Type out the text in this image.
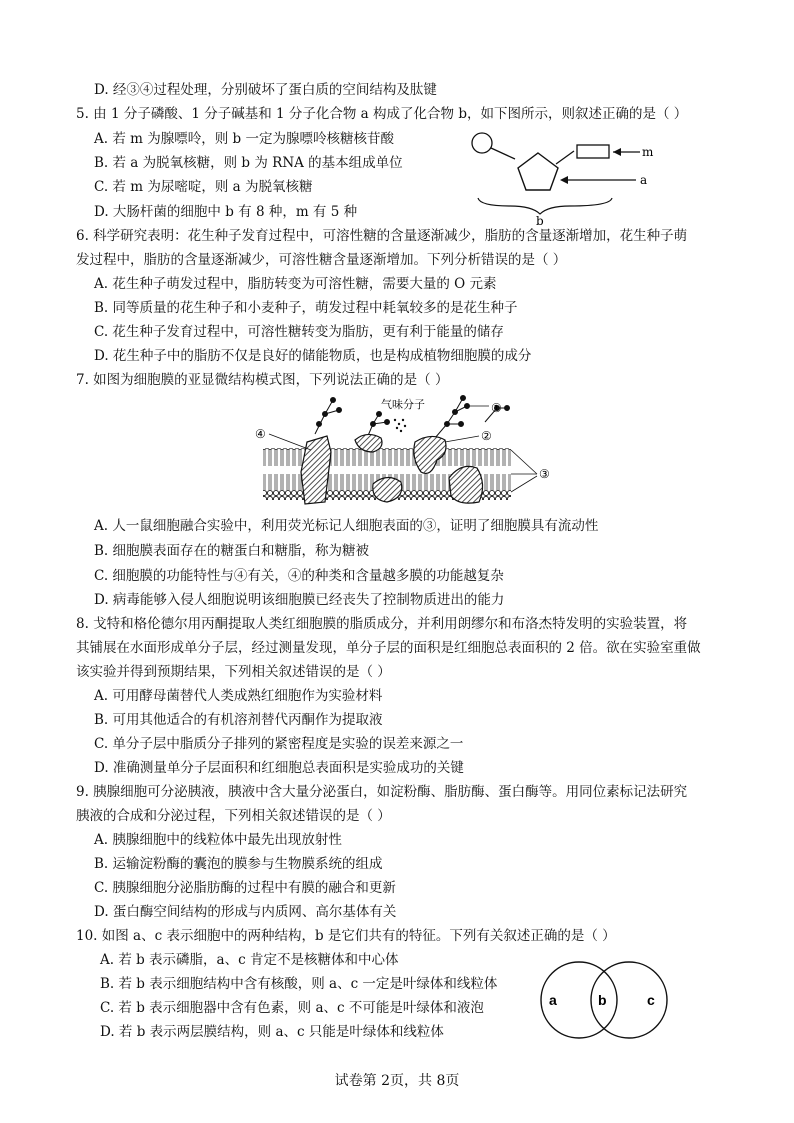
D. 经③④过程处理，分别破坏了蛋白质的空间结构及肽键
5. 由 1 分子磷酸、1 分子碱基和 1 分子化合物 a 构成了化合物 b，如下图所示，则叙述正确的是（ ）
A. 若 m 为腺嘌呤，则 b 一定为腺嘌呤核糖核苷酸
B. 若 a 为脱氧核糖，则 b 为 RNA 的基本组成单位
C. 若 m 为尿嘧啶，则 a 为脱氧核糖
D. 大肠杆菌的细胞中 b 有 8 种，m 有 5 种
m
a
b
6. 科学研究表明：花生种子发育过程中，可溶性糖的含量逐渐减少，脂肪的含量逐渐增加，花生种子萌
发过程中，脂肪的含量逐渐减少，可溶性糖含量逐渐增加。下列分析错误的是（ ）
A. 花生种子萌发过程中，脂肪转变为可溶性糖，需要大量的 O 元素
B. 同等质量的花生种子和小麦种子，萌发过程中耗氧较多的是花生种子
C. 花生种子发育过程中，可溶性糖转变为脂肪，更有利于能量的储存
D. 花生种子中的脂肪不仅是良好的储能物质，也是构成植物细胞膜的成分
7. 如图为细胞膜的亚显微结构模式图，下列说法正确的是（ ）
气味分子	①
②
④
③
A. 人一鼠细胞融合实验中，利用荧光标记人细胞表面的③，证明了细胞膜具有流动性
B. 细胞膜表面存在的糖蛋白和糖脂，称为糖被
C. 细胞膜的功能特性与④有关，④的种类和含量越多膜的功能越复杂
D. 病毒能够入侵人细胞说明该细胞膜已经丧失了控制物质进出的能力
8. 戈特和格伦德尔用丙酮提取人类红细胞膜的脂质成分，并利用朗缪尔和布洛杰特发明的实验装置，将
其铺展在水面形成单分子层，经过测量发现，单分子层的面积是红细胞总表面积的 2 倍。欲在实验室重做
该实验并得到预期结果，下列相关叙述错误的是（ ）
A. 可用酵母菌替代人类成熟红细胞作为实验材料
B. 可用其他适合的有机溶剂替代丙酮作为提取液
C. 单分子层中脂质分子排列的紧密程度是实验的误差来源之一
D. 准确测量单分子层面积和红细胞总表面积是实验成功的关键
9. 胰腺细胞可分泌胰液，胰液中含大量分泌蛋白，如淀粉酶、脂肪酶、蛋白酶等。用同位素标记法研究
胰液的合成和分泌过程，下列相关叙述错误的是（ ）
A. 胰腺细胞中的线粒体中最先出现放射性
B. 运输淀粉酶的囊泡的膜参与生物膜系统的组成
C. 胰腺细胞分泌脂肪酶的过程中有膜的融合和更新
D. 蛋白酶空间结构的形成与内质网、高尔基体有关
10. 如图 a、c 表示细胞中的两种结构，b 是它们共有的特征。下列有关叙述正确的是（ ）
A. 若 b 表示磷脂，a、c 肯定不是核糖体和中心体
B. 若 b 表示细胞结构中含有核酸，则 a、c 一定是叶绿体和线粒体
C. 若 b 表示细胞器中含有色素，则 a、c 不可能是叶绿体和液泡
D. 若 b 表示两层膜结构，则 a、c 只能是叶绿体和线粒体
a	b	c
试卷第 2页，共 8页
